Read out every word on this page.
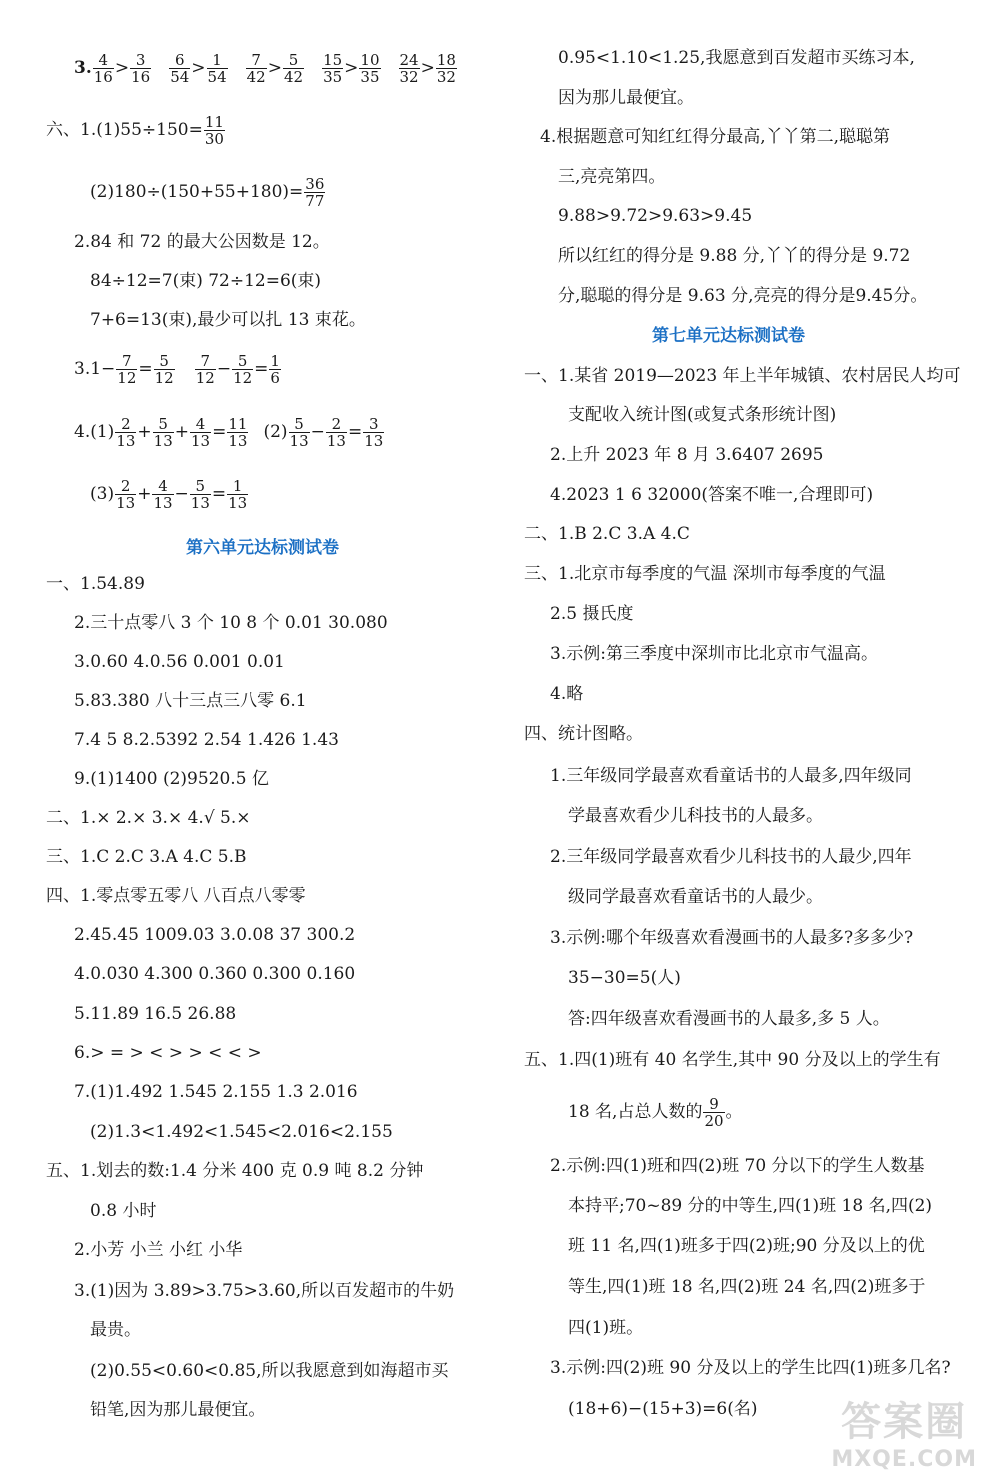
3. 4
16 > 3
16
6
54 > 1
54
7
42 > 5
42
15
35 > 10
35
24
32 > 18
32
六、$1.(1)55\div 150= \frac{11}{30}$
$(2)180\div(150+55+180)= \frac{36}{77}$
2.84 和 72 的最大公因数是 12。
84÷12=7(束) 72÷12=6(束)
7+6=13(束),最少可以扎 13 束花。
$3.1- \frac{7}{12} = \frac{5}{12} 7$
$12 - \frac{5}{12} = \frac{1}{6}$
4.(1) 2
$13 + \frac{5}{13} + \frac{4}{13} = \frac{11}{13} (2)$ 5
$13 - \frac{2}{13} = \frac{3}{13}$
(3) 2
$13 + \frac{4}{13} - \frac{5}{13} = \frac{1}{13}$
第六单元达标测试卷
一、1.54.89
2.三十点零八 3 个 10 8 个 0.01 30.080
3.0.60 4.0.56 0.001 0.01
5.83.380 八十三点三八零 6.1
7.4 5 8.2.5392 2.54 1.426 1.43
9.(1)1400 (2)9520.5 亿
二、1.× 2.× 3.× 4.√ 5.×
三、1.C 2.C 3.A 4.C 5.B
四、1.零点零五零八 八百点八零零
2.45.45 1009.03 3.0.08 37 300.2
4.0.030 4.300 0.360 0.300 0.160
5.11.89 16.5 26.88
6.> = > < > > < < >
7.(1)1.492 1.545 2.155 1.3 2.016
(2)1.3<1.492<1.545<2.016<2.155
五、1.划去的数:1.4 分米 400 克 0.9 吨 8.2 分钟
0.8 小时
2.小芳 小兰 小红 小华
3.(1)因为 3.89>3.75>3.60,所以百发超市的牛奶
最贵。
(2)0.55<0.60<0.85,所以我愿意到如海超市买
铅笔,因为那儿最便宜。
0.95<1.10<1.25,我愿意到百发超市买练习本,
因为那儿最便宜。
4.根据题意可知红红得分最高,丫丫第二,聪聪第
三,亮亮第四。
9.88>9.72>9.63>9.45
所以红红的得分是 9.88 分,丫丫的得分是 9.72
分,聪聪的得分是 9.63 分,亮亮的得分是9.45分。
第七单元达标测试卷
一、1.某省 2019—2023 年上半年城镇、农村居民人均可
支配收入统计图(或复式条形统计图)
2.上升 2023 年 8 月 3.6407 2695
4.2023 1 6 32000(答案不唯一,合理即可)
二、1.B 2.C 3.A 4.C
三、1.北京市每季度的气温 深圳市每季度的气温
2.5 摄氏度
3.示例:第三季度中深圳市比北京市气温高。
4.略
四、统计图略。
1.三年级同学最喜欢看童话书的人最多,四年级同
学最喜欢看少儿科技书的人最多。
2.三年级同学最喜欢看少儿科技书的人最少,四年
级同学最喜欢看童话书的人最少。
3.示例:哪个年级喜欢看漫画书的人最多?多多少?
35−30=5(人)
答:四年级喜欢看漫画书的人最多,多 5 人。
五、1.四(1)班有 40 名学生,其中 90 分及以上的学生有
18 名,占总人数的 9
20 。
2.示例:四(1)班和四(2)班 70 分以下的学生人数基
本持平;70~89 分的中等生,四(1)班 18 名,四(2)
班 11 名,四(1)班多于四(2)班;90 分及以上的优
等生,四(1)班 18 名,四(2)班 24 名,四(2)班多于
四(1)班。
3.示例:四(2)班 90 分及以上的学生比四(1)班多几名?
(18+6)−(15+3)=6(名) 答案圈
MXQE.COM
